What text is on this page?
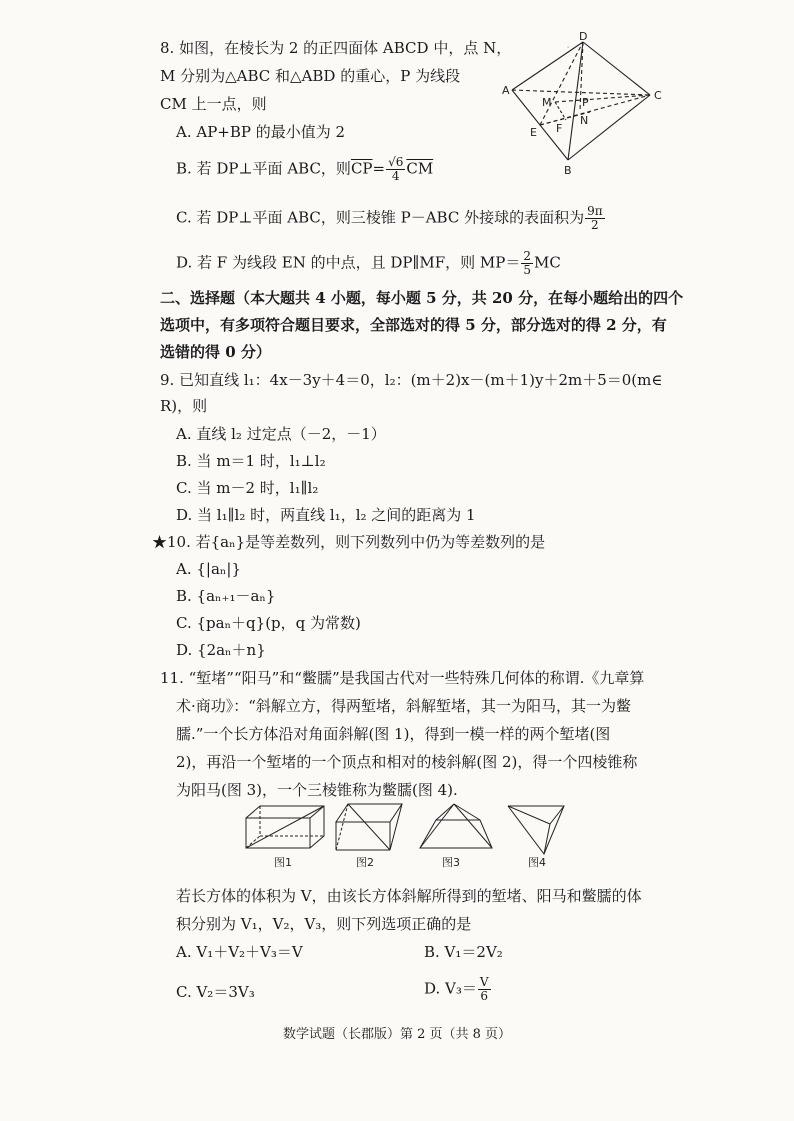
·
8. 如图，在棱长为 2 的正四面体 ABCD 中，点 N，
M 分别为△ABC 和△ABD 的重心，P 为线段
CM 上一点，则
A. AP+BP 的最小值为 2
B. 若 DP⊥平面 ABC，则$\overline{CP}= \frac{√6}{4} \overline{CM}$
C. 若 DP⊥平面 ABC，则三棱锥 P－ABC 外接球的表面积为 $\frac{9\pi}{2}$
D. 若 F 为线段 EN 的中点，且 DP∥MF，则 $MP= \frac{2}{5}$ MC
D
A	C
M	P
N
E F
B
二、选择题（本大题共 4 小题，每小题 5 分，共 20 分，在每小题给出的四个
选项中，有多项符合题目要求，全部选对的得 5 分，部分选对的得 2 分，有
选错的得 0 分）
9. 已知直线 l₁：4x－3y＋4＝0，l₂：(m＋2)x－(m＋1)y＋2m＋5＝0(m∈
R)，则
A. 直线 l₂ 过定点（－2，－1）
B. 当 m＝1 时，l₁⊥l₂
C. 当 m－2 时，l₁∥l₂
D. 当 l₁∥l₂ 时，两直线 l₁，l₂ 之间的距离为 1
★10. 若{aₙ}是等差数列，则下列数列中仍为等差数列的是
A. {|aₙ|}
B. {aₙ₊₁－aₙ}
C. {paₙ＋q}(p，q 为常数)
D. {2aₙ＋n}
11. “堑堵”“阳马”和“鳖臑”是我国古代对一些特殊几何体的称谓.《九章算
术·商功》：“斜解立方，得两堑堵，斜解堑堵，其一为阳马，其一为鳖
臑.”一个长方体沿对角面斜解(图 1)，得到一模一样的两个堑堵(图
2)，再沿一个堑堵的一个顶点和相对的棱斜解(图 2)，得一个四棱锥称
为阳马(图 3)，一个三棱锥称为鳖臑(图 4).
图1	图2	图3	图4
若长方体的体积为 V，由该长方体斜解所得到的堑堵、阳马和鳖臑的体
积分别为 V₁，V₂，V₃，则下列选项正确的是
A. V₁＋V₂＋V₃＝V	B. V₁＝2V₂
C. V₂＝3V₃	D. $V_3= \frac{V}{6}$
数学试题（长郡版）第 2 页（共 8 页）
